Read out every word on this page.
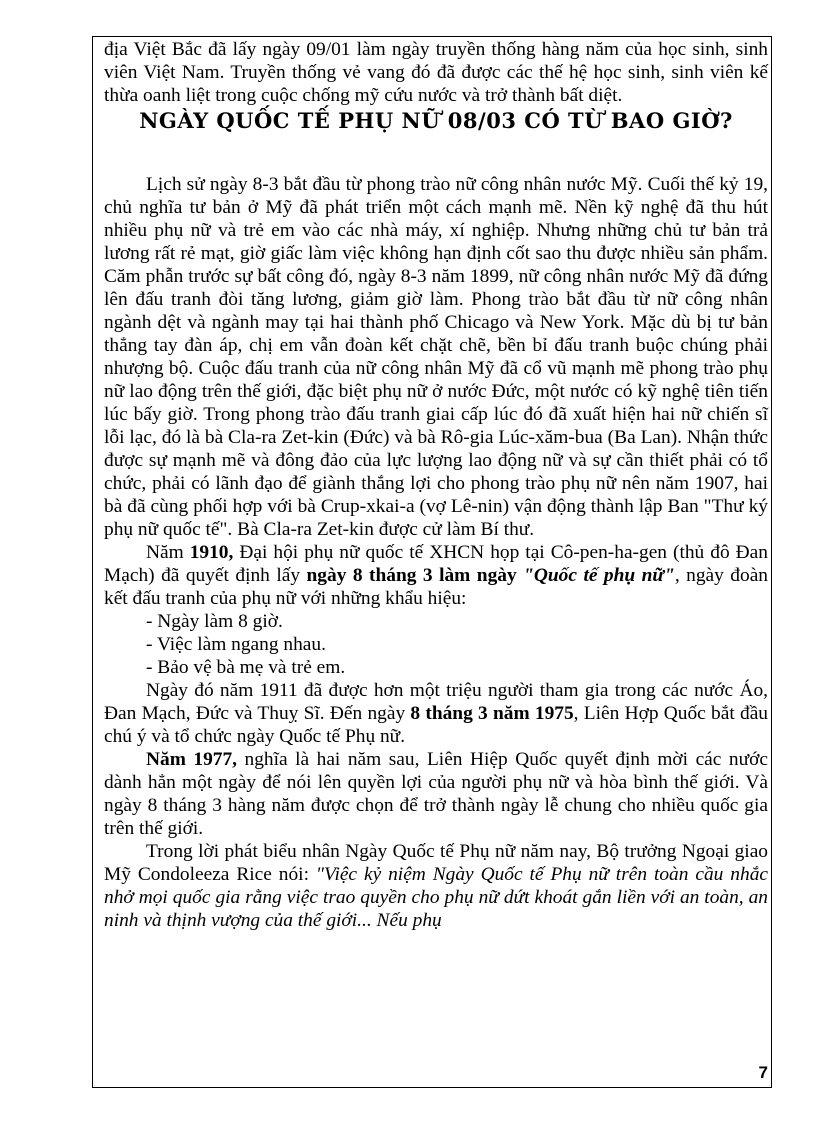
địa Việt Bắc đã lấy ngày 09/01 làm ngày truyền thống hàng năm của học sinh, sinh viên Việt Nam. Truyền thống vẻ vang đó đã được các thế hệ học sinh, sinh viên kế thừa oanh liệt trong cuộc chống mỹ cứu nước và trở thành bất diệt.

NGÀY QUỐC TẾ PHỤ NỮ 08/03 CÓ TỪ BAO GIỜ?

Lịch sử ngày 8-3 bắt đầu từ phong trào nữ công nhân nước Mỹ. Cuối thế kỷ 19, chủ nghĩa tư bản ở Mỹ đã phát triển một cách mạnh mẽ. Nền kỹ nghệ đã thu hút nhiều phụ nữ và trẻ em vào các nhà máy, xí nghiệp. Nhưng những chủ tư bản trả lương rất rẻ mạt, giờ giấc làm việc không hạn định cốt sao thu được nhiều sản phẩm. Căm phẫn trước sự bất công đó, ngày 8-3 năm 1899, nữ công nhân nước Mỹ đã đứng lên đấu tranh đòi tăng lương, giảm giờ làm. Phong trào bắt đầu từ nữ công nhân ngành dệt và ngành may tại hai thành phố Chicago và New York. Mặc dù bị tư bản thẳng tay đàn áp, chị em vẫn đoàn kết chặt chẽ, bền bỉ đấu tranh buộc chúng phải nhượng bộ. Cuộc đấu tranh của nữ công nhân Mỹ đã cổ vũ mạnh mẽ phong trào phụ nữ lao động trên thế giới, đặc biệt phụ nữ ở nước Đức, một nước có kỹ nghệ tiên tiến lúc bấy giờ. Trong phong trào đấu tranh giai cấp lúc đó đã xuất hiện hai nữ chiến sĩ lỗi lạc, đó là bà Cla-ra Zet-kin (Đức) và bà Rô-gia Lúc-xăm-bua (Ba Lan). Nhận thức được sự mạnh mẽ và đông đảo của lực lượng lao động nữ và sự cần thiết phải có tổ chức, phải có lãnh đạo để giành thắng lợi cho phong trào phụ nữ nên năm 1907, hai bà đã cùng phối hợp với bà Crup-xkai-a (vợ Lê-nin) vận động thành lập Ban "Thư ký phụ nữ quốc tế". Bà Cla-ra Zet-kin được cử làm Bí thư.

Năm 1910, Đại hội phụ nữ quốc tế XHCN họp tại Cô-pen-ha-gen (thủ đô Đan Mạch) đã quyết định lấy ngày 8 tháng 3 làm ngày "Quốc tế phụ nữ", ngày đoàn kết đấu tranh của phụ nữ với những khẩu hiệu:

- Ngày làm 8 giờ.

- Việc làm ngang nhau.

- Bảo vệ bà mẹ và trẻ em.

Ngày đó năm 1911 đã được hơn một triệu người tham gia trong các nước Áo, Đan Mạch, Đức và Thuỵ Sĩ. Đến ngày 8 tháng 3 năm 1975, Liên Hợp Quốc bắt đầu chú ý và tổ chức ngày Quốc tế Phụ nữ.

Năm 1977, nghĩa là hai năm sau, Liên Hiệp Quốc quyết định mời các nước dành hẳn một ngày để nói lên quyền lợi của người phụ nữ và hòa bình thế giới. Và ngày 8 tháng 3 hàng năm được chọn để trở thành ngày lễ chung cho nhiều quốc gia trên thế giới.

Trong lời phát biểu nhân Ngày Quốc tế Phụ nữ năm nay, Bộ trưởng Ngoại giao Mỹ Condoleeza Rice nói: "Việc kỷ niệm Ngày Quốc tế Phụ nữ trên toàn cầu nhắc nhở mọi quốc gia rằng việc trao quyền cho phụ nữ dứt khoát gắn liền với an toàn, an ninh và thịnh vượng của thế giới... Nếu phụ

7
